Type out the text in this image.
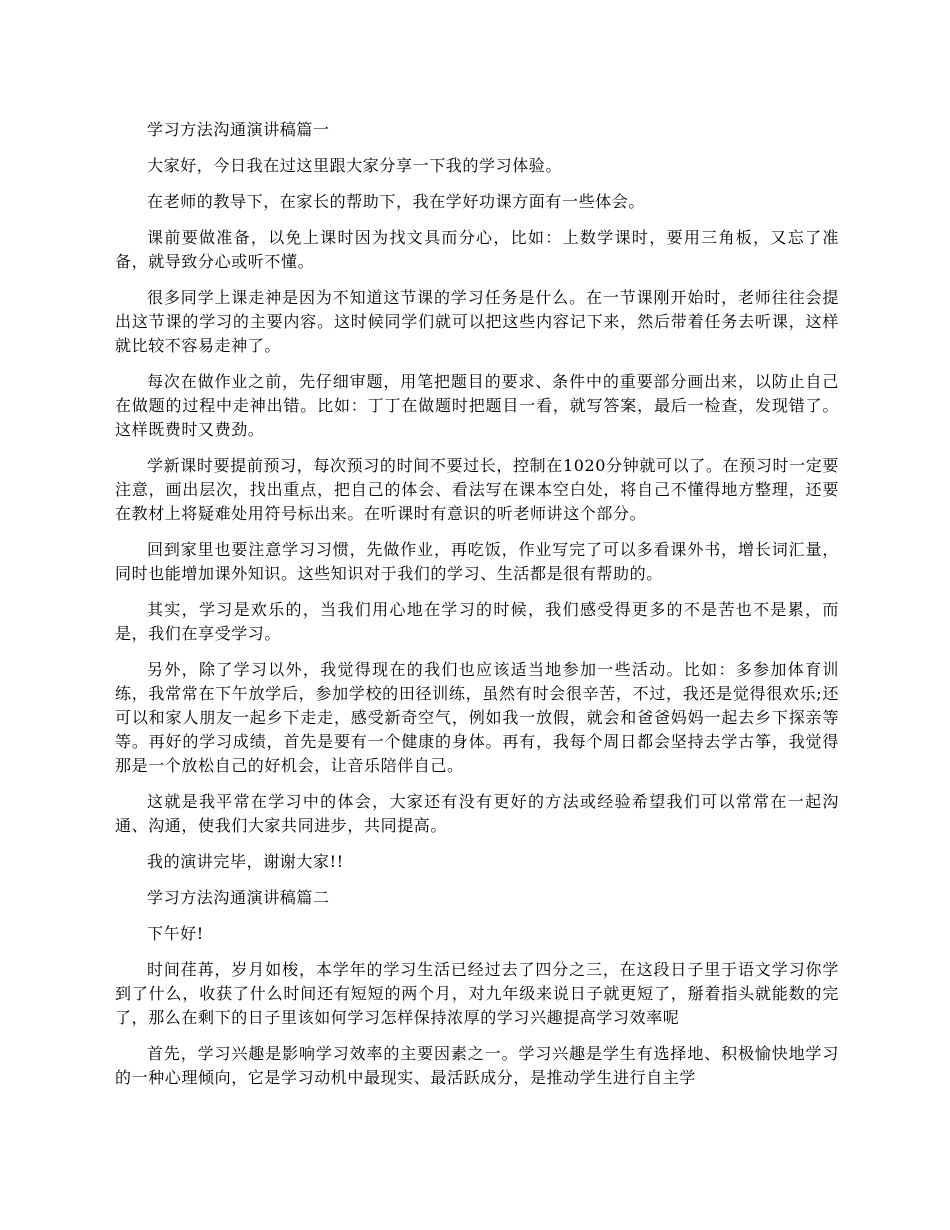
学习方法沟通演讲稿篇一

大家好，今日我在过这里跟大家分享一下我的学习体验。

在老师的教导下，在家长的帮助下，我在学好功课方面有一些体会。

课前要做准备，以免上课时因为找文具而分心，比如：上数学课时，要用三角板，又忘了准备，就导致分心或听不懂。

很多同学上课走神是因为不知道这节课的学习任务是什么。在一节课刚开始时，老师往往会提出这节课的学习的主要内容。这时候同学们就可以把这些内容记下来，然后带着任务去听课，这样就比较不容易走神了。

每次在做作业之前，先仔细审题，用笔把题目的要求、条件中的重要部分画出来，以防止自己在做题的过程中走神出错。比如：丁丁在做题时把题目一看，就写答案，最后一检查，发现错了。这样既费时又费劲。

学新课时要提前预习，每次预习的时间不要过长，控制在1020分钟就可以了。在预习时一定要注意，画出层次，找出重点，把自己的体会、看法写在课本空白处，将自己不懂得地方整理，还要在教材上将疑难处用符号标出来。在听课时有意识的听老师讲这个部分。

回到家里也要注意学习习惯，先做作业，再吃饭，作业写完了可以多看课外书，增长词汇量，同时也能增加课外知识。这些知识对于我们的学习、生活都是很有帮助的。

其实，学习是欢乐的，当我们用心地在学习的时候，我们感受得更多的不是苦也不是累，而是，我们在享受学习。

另外，除了学习以外，我觉得现在的我们也应该适当地参加一些活动。比如：多参加体育训练，我常常在下午放学后，参加学校的田径训练，虽然有时会很辛苦，不过，我还是觉得很欢乐;还可以和家人朋友一起乡下走走，感受新奇空气，例如我一放假，就会和爸爸妈妈一起去乡下探亲等等。再好的学习成绩，首先是要有一个健康的身体。再有，我每个周日都会坚持去学古筝，我觉得那是一个放松自己的好机会，让音乐陪伴自己。

这就是我平常在学习中的体会，大家还有没有更好的方法或经验希望我们可以常常在一起沟通、沟通，使我们大家共同进步，共同提高。

我的演讲完毕，谢谢大家!!

学习方法沟通演讲稿篇二

下午好!

时间荏苒，岁月如梭，本学年的学习生活已经过去了四分之三，在这段日子里于语文学习你学到了什么，收获了什么时间还有短短的两个月，对九年级来说日子就更短了，掰着指头就能数的完了，那么在剩下的日子里该如何学习怎样保持浓厚的学习兴趣提高学习效率呢

首先，学习兴趣是影响学习效率的主要因素之一。学习兴趣是学生有选择地、积极愉快地学习的一种心理倾向，它是学习动机中最现实、最活跃成分，是推动学生进行自主学
